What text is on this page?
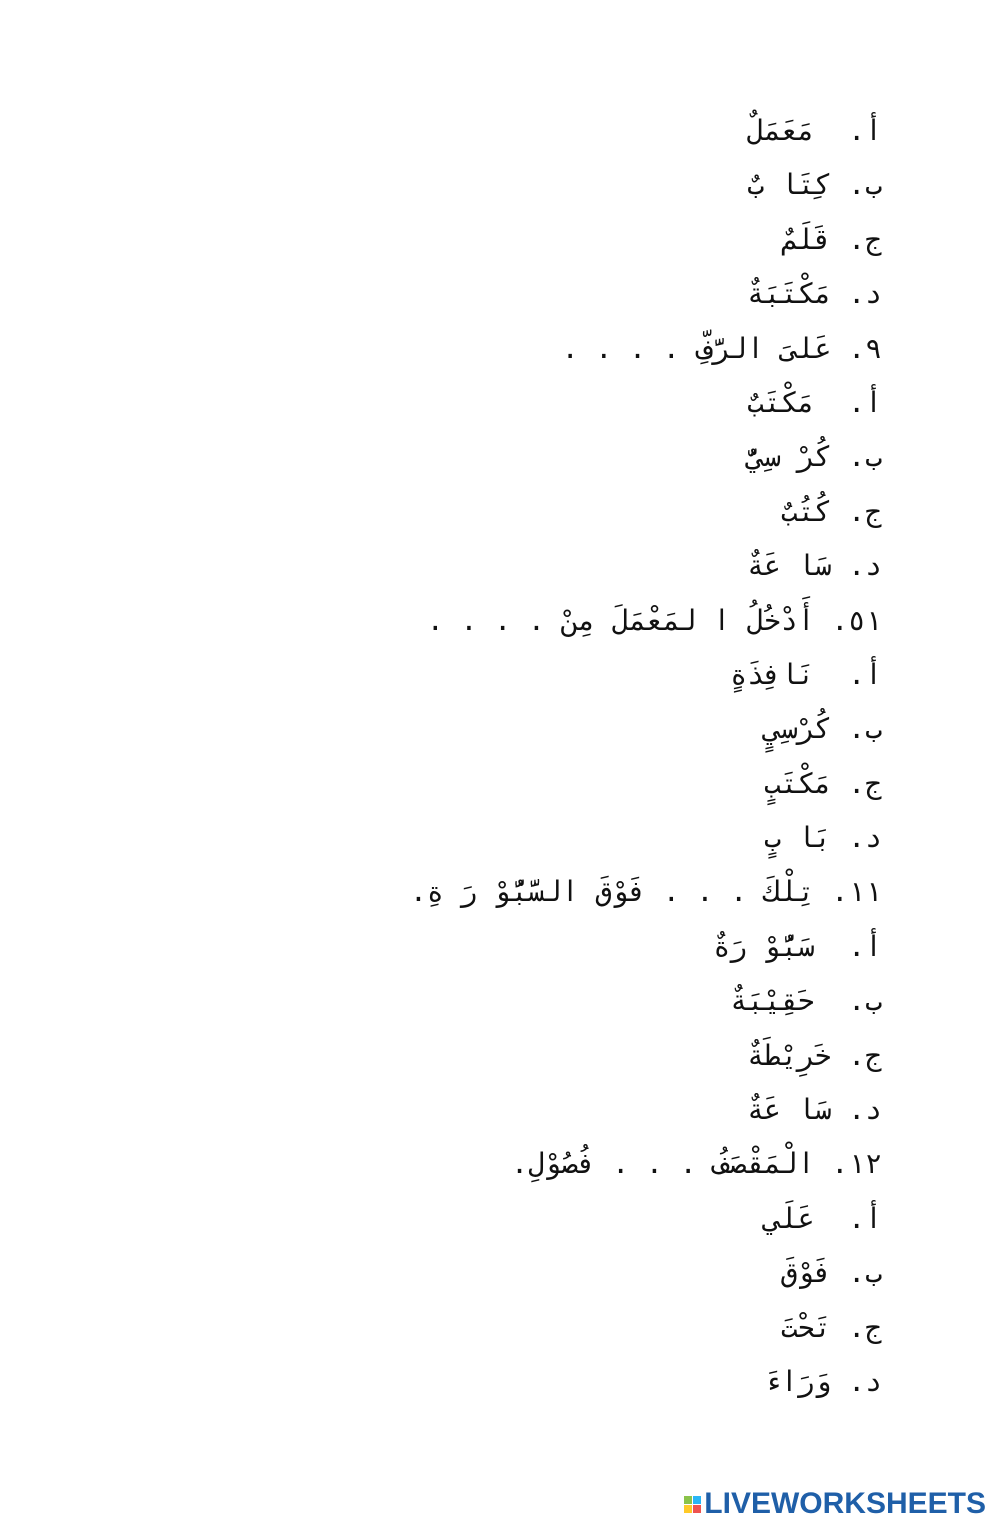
أ.  مَعَمَلٌ
ب. كِتَا بٌ
ج. قَلَمٌ
د. مَكْتَبَةٌ
٩. عَلىَ الرَّفِّ . . . .
أ.  مَكْتَبٌ
ب. كُرْ سِيٌّ
ج. كُتُبٌ
د. سَا عَةٌ
٥١. أَدْخُلُ ا لمَعْمَلَ مِنْ . . . .
أ.  نَافِذَةٍ
ب. كُرْسِيٍ
ج. مَكْتَبٍ
د. بَا بٍ
١١. تِلْكَ . . . فَوْقَ السَّبُّوْ رَ ةِ.
أ.  سَبُّوْ رَةٌ
ب.  حَقِيْبَةٌ
ج. خَرِيْطَةٌ
د. سَا عَةٌ
١٢. الْمَقْصَفُ . . . فُصُوْلِ.
أ.  عَلَي
ب. فَوْقَ
ج. تَحْتَ
د. وَرَاءَ
LIVEWORKSHEETS
